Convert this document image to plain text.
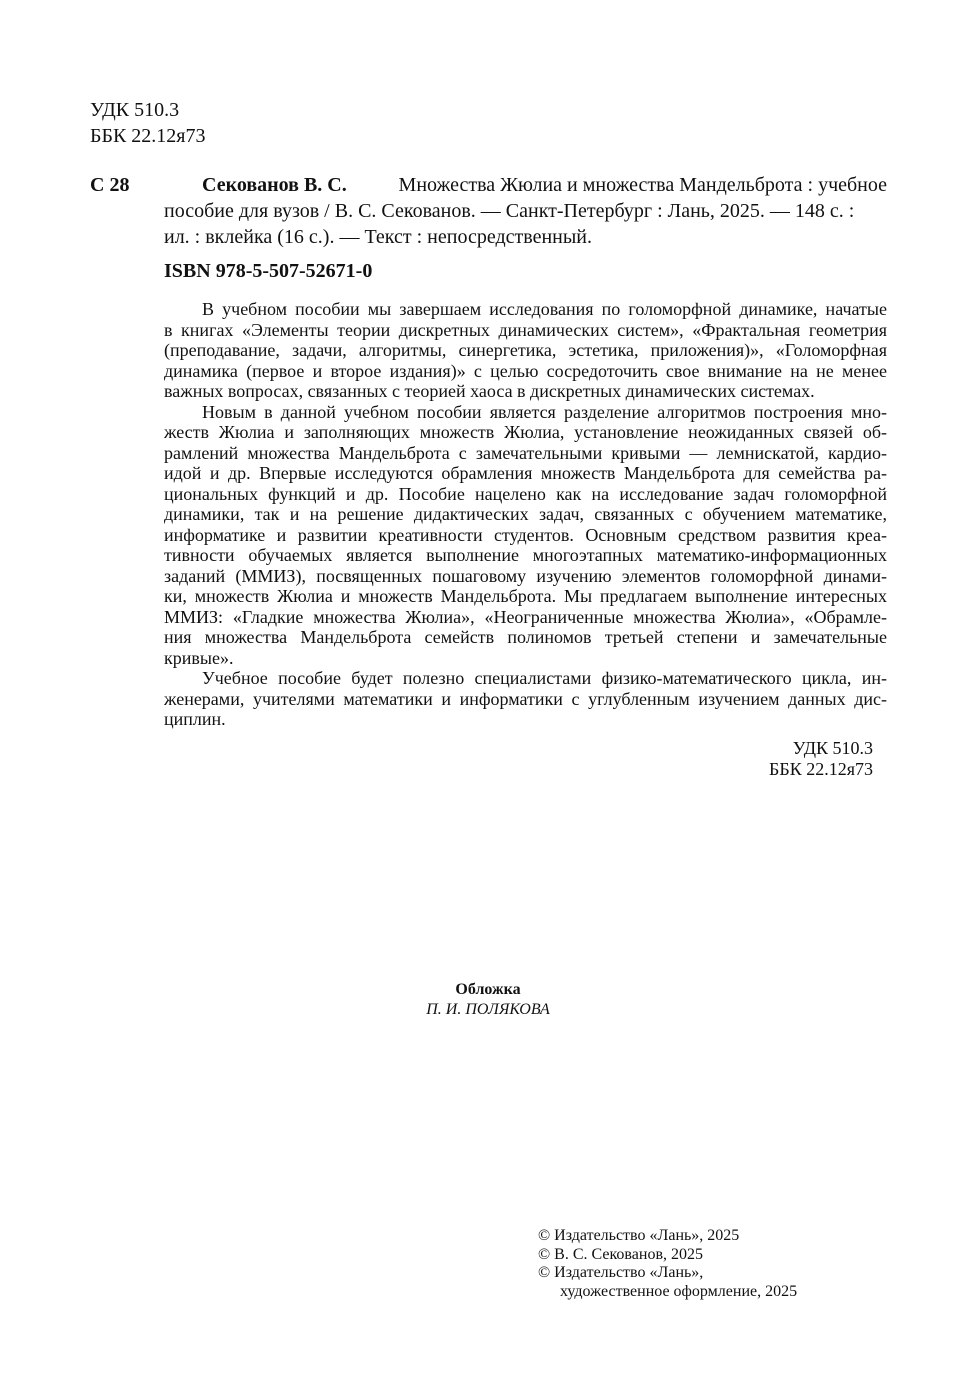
УДК 510.3
ББК 22.12я73
С 28	Секованов В. С.	Множества Жюлиа и множества Мандельброта : учебное
пособие для вузов / В. С. Секованов. — Санкт-Петербург : Лань, 2025. — 148 с. :
ил. : вклейка (16 с.). — Текст : непосредственный.
ISBN 978-5-507-52671-0
В учебном пособии мы завершаем исследования по голоморфной динамике, начатые
в книгах «Элементы теории дискретных динамических систем», «Фрактальная геометрия
(преподавание, задачи, алгоритмы, синергетика, эстетика, приложения)», «Голоморфная
динамика (первое и второе издания)» с целью сосредоточить свое внимание на не менее
важных вопросах, связанных с теорией хаоса в дискретных динамических системах.
Новым в данной учебном пособии является разделение алгоритмов построения мно-
жеств Жюлиа и заполняющих множеств Жюлиа, установление неожиданных связей об-
рамлений множества Мандельброта с замечательными кривыми — лемнискатой, кардио-
идой и др. Впервые исследуются обрамления множеств Мандельброта для семейства ра-
циональных функций и др. Пособие нацелено как на исследование задач голоморфной
динамики, так и на решение дидактических задач, связанных с обучением математике,
информатике и развитии креативности студентов. Основным средством развития креа-
тивности обучаемых является выполнение многоэтапных математико-информационных
заданий (ММИЗ), посвященных пошаговому изучению элементов голоморфной динами-
ки, множеств Жюлиа и множеств Мандельброта. Мы предлагаем выполнение интересных
ММИЗ: «Гладкие множества Жюлиа», «Неограниченные множества Жюлиа», «Обрамле-
ния множества Мандельброта семейств полиномов третьей степени и замечательные
кривые».
Учебное пособие будет полезно специалистами физико-математического цикла, ин-
женерами, учителями математики и информатики с углубленным изучением данных дис-
циплин.
УДК 510.3
ББК 22.12я73
Обложка
П. И. ПОЛЯКОВА
© Издательство «Лань», 2025
© В. С. Секованов, 2025
© Издательство «Лань»,
художественное оформление, 2025
